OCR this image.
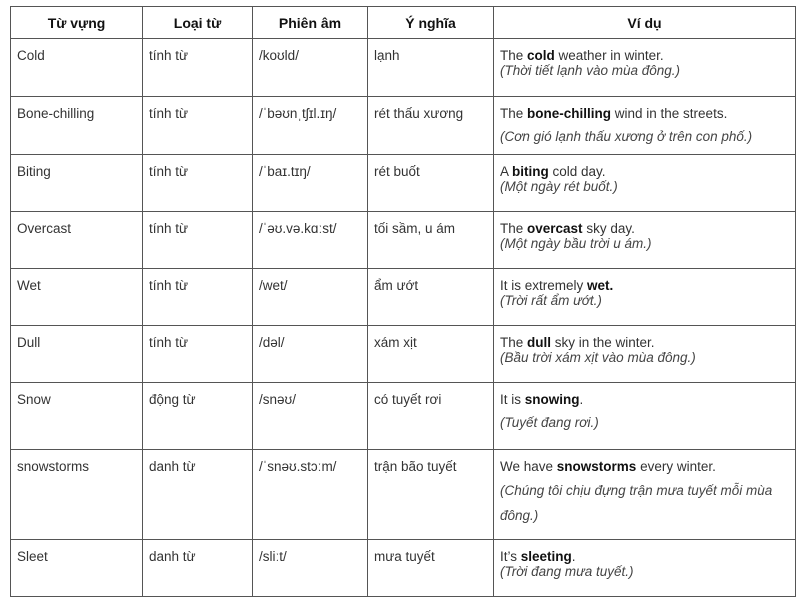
Từ vựng	Loại từ	Phiên âm	Ý nghĩa	Ví dụ
Cold	tính từ	/koʊld/	lạnh	The cold weather in winter.
(Thời tiết lạnh vào mùa đông.)

Bone-chilling	tính từ	/ˈbəʊnˌtʃɪl.ɪŋ/	rét thấu xương	The bone-chilling wind in the streets.
(Cơn gió lạnh thấu xương ở trên con phố.)

Biting	tính từ	/ˈbaɪ.tɪŋ/	rét buốt	A biting cold day.
(Một ngày rét buốt.)

Overcast	tính từ	/ˈəʊ.və.kɑːst/	tối sầm, u ám	The overcast sky day.
(Một ngày bầu trời u ám.)

Wet	tính từ	/wet/	ẩm ướt	It is extremely wet.
(Trời rất ẩm ướt.)

Dull	tính từ	/dəl/	xám xịt	The dull sky in the winter.
(Bầu trời xám xịt vào mùa đông.)

Snow	động từ	/snəʊ/	có tuyết rơi	It is snowing.
(Tuyết đang rơi.)

snowstorms	danh từ	/ˈsnəʊ.stɔːm/	trận bão tuyết	We have snowstorms every winter.
(Chúng tôi chịu đựng trận mưa tuyết mỗi mùa đông.)

Sleet	danh từ	/sliːt/	mưa tuyết	It’s sleeting.
(Trời đang mưa tuyết.)
